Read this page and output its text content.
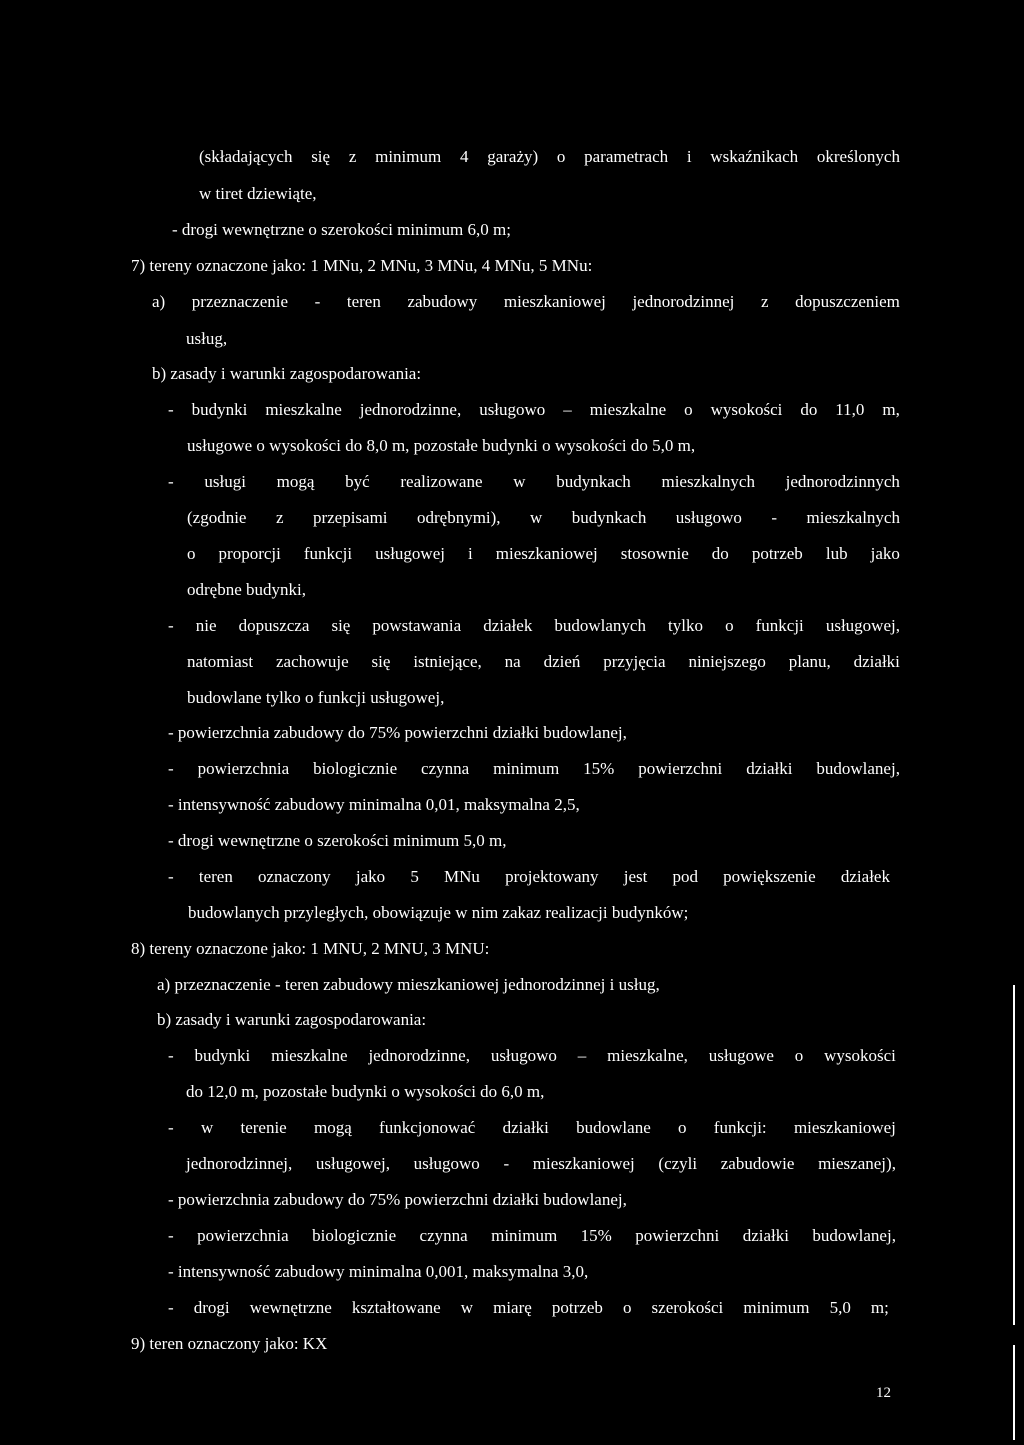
(składających się z minimum 4 garaży) o parametrach i wskaźnikach określonych
w tiret dziewiąte,
- drogi wewnętrzne o szerokości minimum 6,0 m;
7) tereny oznaczone jako: 1 MNu, 2 MNu, 3 MNu, 4 MNu, 5 MNu:
a) przeznaczenie - teren zabudowy mieszkaniowej jednorodzinnej z dopuszczeniem
usług,
b) zasady i warunki zagospodarowania:
- budynki mieszkalne jednorodzinne, usługowo – mieszkalne o wysokości do 11,0 m,
usługowe o wysokości do 8,0 m, pozostałe budynki o wysokości do 5,0 m,
- usługi mogą być realizowane w budynkach mieszkalnych jednorodzinnych
(zgodnie z przepisami odrębnymi), w budynkach usługowo - mieszkalnych
o proporcji funkcji usługowej i mieszkaniowej stosownie do potrzeb lub jako
odrębne budynki,
- nie dopuszcza się powstawania działek budowlanych tylko o funkcji usługowej,
natomiast zachowuje się istniejące, na dzień przyjęcia niniejszego planu, działki
budowlane tylko o funkcji usługowej,
- powierzchnia zabudowy do 75% powierzchni działki budowlanej,
- powierzchnia biologicznie czynna minimum 15% powierzchni działki budowlanej,
- intensywność zabudowy minimalna 0,01, maksymalna 2,5,
- drogi wewnętrzne o szerokości minimum 5,0 m,
- teren oznaczony jako 5 MNu projektowany jest pod powiększenie działek
budowlanych przyległych, obowiązuje w nim zakaz realizacji budynków;
8) tereny oznaczone jako: 1 MNU, 2 MNU, 3 MNU:
a) przeznaczenie - teren zabudowy mieszkaniowej jednorodzinnej i usług,
b) zasady i warunki zagospodarowania:
- budynki mieszkalne jednorodzinne, usługowo – mieszkalne, usługowe o wysokości
do 12,0 m, pozostałe budynki o wysokości do 6,0 m,
- w terenie mogą funkcjonować działki budowlane o funkcji: mieszkaniowej
jednorodzinnej, usługowej, usługowo - mieszkaniowej (czyli zabudowie mieszanej),
- powierzchnia zabudowy do 75% powierzchni działki budowlanej,
- powierzchnia biologicznie czynna minimum 15% powierzchni działki budowlanej,
- intensywność zabudowy minimalna 0,001, maksymalna 3,0,
- drogi wewnętrzne kształtowane w miarę potrzeb o szerokości minimum 5,0 m;
9) teren oznaczony jako: KX
12
